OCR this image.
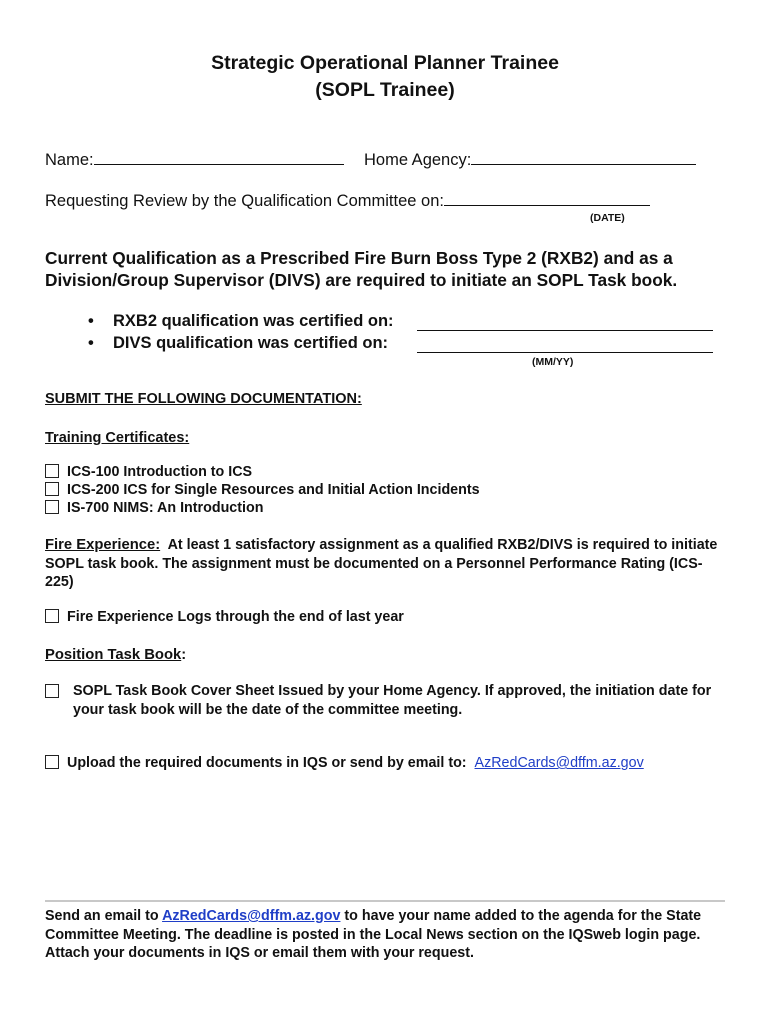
Strategic Operational Planner Trainee
(SOPL Trainee)
Name:	Home Agency:
Requesting Review by the Qualification Committee on:
(DATE)
Current Qualification as a Prescribed Fire Burn Boss Type 2 (RXB2) and as a Division/Group Supervisor (DIVS) are required to initiate an SOPL Task book.
• RXB2 qualification was certified on:
• DIVS qualification was certified on:
(MM/YY)
SUBMIT THE FOLLOWING DOCUMENTATION:
Training Certificates:
ICS-100 Introduction to ICS
ICS-200 ICS for Single Resources and Initial Action Incidents
IS-700 NIMS: An Introduction
Fire Experience: At least 1 satisfactory assignment as a qualified RXB2/DIVS is required to initiate SOPL task book. The assignment must be documented on a Personnel Performance Rating (ICS-225)
Fire Experience Logs through the end of last year
Position Task Book:
SOPL Task Book Cover Sheet Issued by your Home Agency. If approved, the initiation date for your task book will be the date of the committee meeting.
Upload the required documents in IQS or send by email to: AzRedCards@dffm.az.gov
Send an email to AzRedCards@dffm.az.gov to have your name added to the agenda for the State Committee Meeting. The deadline is posted in the Local News section on the IQSweb login page. Attach your documents in IQS or email them with your request.
